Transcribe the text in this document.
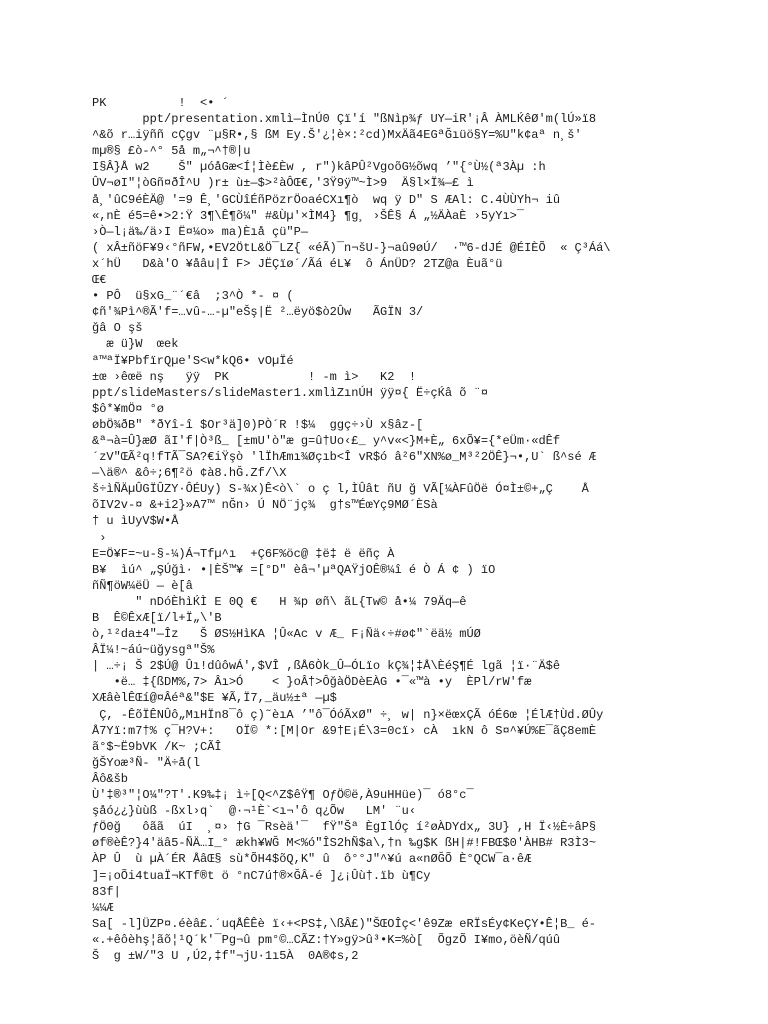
PK          !  <• ´
ppt/presentation.xmlì—ÌnÚ0 Çï'í "ßNìp¾ƒ UY—iR'¡Â ÀMLЌêØ'm(lÚ»ï8
^&õ r…iÿññ cÇgv ¨µ§R•,§ ßM Ey.Š'¿¦è×:²cd)MxÄã4EGªĞıüö§Y=%U"k¢aª n¸š'
mµ®§ £ò-^° 5å m„¬^†®|u
I§Â}Å w2    Š" µóåGæ<Í¦Ìè£Èw , r")kâPÛ²VgoõG½õwq ’"{°Ù½(ª3Àµ :h
ÛV¬øI"¦òGñ¤ðÎ^U )r± ù±—$>²àÔŒ€,'3Ÿ9ÿ™~Ì>9  Ä§l×Ï¾—£ ì
å¸'ûC9éÈÄ@ '=9 Ê¸'GCÙîÉñPözrÖoaéCXı¶ò  wq ÿ D" S ÆAl: C.4ÙÙYh¬ iû
«,nÈ é5=ê•>2:Ÿ 3¶\Ê¶õ¼" #&Ùµ'×ÌM4} ¶g¸ ›ŠÊ§ Á „½ÄÀaÈ ›5yYı>¯
›Ò—l¡ä‰/ä›I Ë¤¼o» ma)Èıå çü"P—
( xÂ±ñöF¥9‹°ñFW,•EV2ÖtL&Ö¯LZ{ «éÃ)¯n¬šU-}¬aû9øÚ/  ·™6-dJÉ @ÉIÈÕ  « Ç³Áá\
x´hÜ   D&à'O ¥åâu|Î F> JËÇïø´/Ãá éL¥  ô ÁnÜD? 2TZ@a Èuã°ü
Œ€
• PÔ  ü§xG_¨´€â  ;3^Ò *- ¤ (
¢ñ'¾Pì^®Ã'f=…vû-…-µ"eŠş|Ë ²…ëyö$ò2Ûw   ÃGÏN 3/
ğâ O şš
æ ü}W  œek
ª™ªÏ¥PbfïrQµe'S<w*kQ6• vOµÏé
±œ ›êœë nş   ÿÿ  PK           ! -m ì>   K2  !
ppt/slideMasters/slideMaster1.xmlìZınÚH ÿÿ¤{ Ë÷çЌâ õ ¨¤
$ô*¥mÖ¤ °ø
øbÖ¾ðB" *ðYî-î $Or³ä]0)PÒ´R !$¼  ggç÷›Ù x§âz-[
&ª¬à=Û}æØ ãI'f|Ò³ß_ [±mU'ò"æ g=û†Uo‹£_ y^v«<}M+È„ 6xÕ¥={*eÜm·«dÊf
´zV"ŒÃ²q!fTÃ¯SA?€iŸşò 'lÏhÆmı¾Øçıb<Î vR$ó â²6"XN%ø_M³²2ÖÊ}¬•,U` ß^sé Æ
—\ä®^ &ô÷;6¶²ö ¢à8.hĞ.Zf/\X
š÷ìÑÄµÛGÏÛZY·ÔÉUy) S-¾x)Ê<ò\` o ç l,ÌÛât ñU ğ VÃ[¼ÀFûÖë Ó¤Ì±©+„Ç    Å
õIV2v-¤ &+i2}»A7™ nĞn› Ú NÖ¨jç¾  g†s™ÉœYç9MØ´ÈSà
† u ìUyV$W•Å
›
E=Ö¥F=~u-§-¼)Á¬Tfµ^ı  +Ç6F%öc@ ‡ë‡ ë ëñç À
B¥  ìú^ „ŞÚğì· •|ÈŠ™¥ =[°D" èâ¬'µªQAŸjOÊ®¼î é Ò Á ¢ ) ïO
ñÑ¶öW¼ëÜ — è[â
" nDóÈhìЌÌ E 0Q €   H ¾p øñ\ ãL{Tw© å•¼ 79Äq—ê
B  Ê©ÊxÆ[ï/l+Ï„\'B
ò,¹²da±4"—Îz   Š ØS½HìKA ¦Û«Ac v Æ_ F¡Ñä‹÷#ø¢"`ëä½ mÚØ
ÂÏ¼!~áú~üğysgª"Š%
| …÷¡ Š 2$Ú@ Ûı!dûôwÁ',$VÎ ,ßÅ6Òk_Û—ÓLïo kÇ¾¦‡Å\ÈéŞ¶É lgã ¦ï·¨Ä$ê
•ë… ‡{ßDM%,7> Âı>Ó    < }oÂ†>ÔğàÖDèEÀG •¯«™à •y  ÈPl/rW'fæ
XÆâèlÊŒí@¤Âéª&"$E ¥Ã,Ï7,_äu½±ª —µ$
Ç, -ÊõÏÊNÛô„MıHÏn8¯ô ç)˜èıA ’"ô¯ÓóÃxØ" ÷¸ w| n}×ëœxÇÃ óÉ6œ ¦ÉlÆ†Ùd.ØÛy
Å7Yï:m7†% ç¯H?V+:   OÏ© *:[M|Or &9†E¡É\3=0cï› cÀ  ıkN ô S¤^¥Ú%E¯ãÇ8emÈ
ã°$~Ë9bVK /K~ ;CÃÎ
ğŠYoæ³Ñ- "Ä÷å(l
Âô&šb
Ù'‡®³"¦O¼"?T'.K9‰‡¡ ì÷[Q<^Z$êŸ¶ OƒÖ©ë,À9uHHüe)¯ ó8°c¯
şåó¿¿}ùùß -ßxl›q`  @·¬¹È`<ı¬'ô q¿Õw   LM' ¨u‹
ƒÖ0ğ   ôãã  úI  ¸¤› †G ¯Rsèä'¯  fŸ"Šª ÈgIlÓç í²øÀDYdx„ 3U} ,H Ï‹½È÷âP§
øf®èÊ?}4'äâ5-ÑÄ…I_° ækh¥WĞ M<%ó"ÎS2hÑ$a\,†n ‰g$K ßH|#!FBŒ$0'ÀHB# R3Ì3~
ÀP Û  ù µÀ´ÉR ÅâŒ§ sù*ÕH4$õQ,K" û  ô°°J"^¥ú a«nØĞÕ È°QCW¯a·êÆ
]=¡oÕi4tuaÏ¬KTf®t ö °nC7ú†®×ĞÂ-é ]¿¡Ûù†.ïb ù¶Cy
83f|
¼¼Æ
Sa[ -l]ÜZP¤.éèâ£.´uqÅÊÊè ï‹+<PS‡,\ßÂ£)"ŠŒOÎç<'ê9Zæ eRÏsÉy¢KeÇY•Ê¦B_ é-
«.+êôèhş¦ãõ¦¹Q´k'¯Pg¬û pm°©…CÃZ:†Y»gÿ>û³•K=%ò[  ÕgzÕ I¥mo,öèÑ/qúû
Š  g ±W/"3 U ,Ú2,‡f"¬jU·1ı5À  0A®¢s,2
